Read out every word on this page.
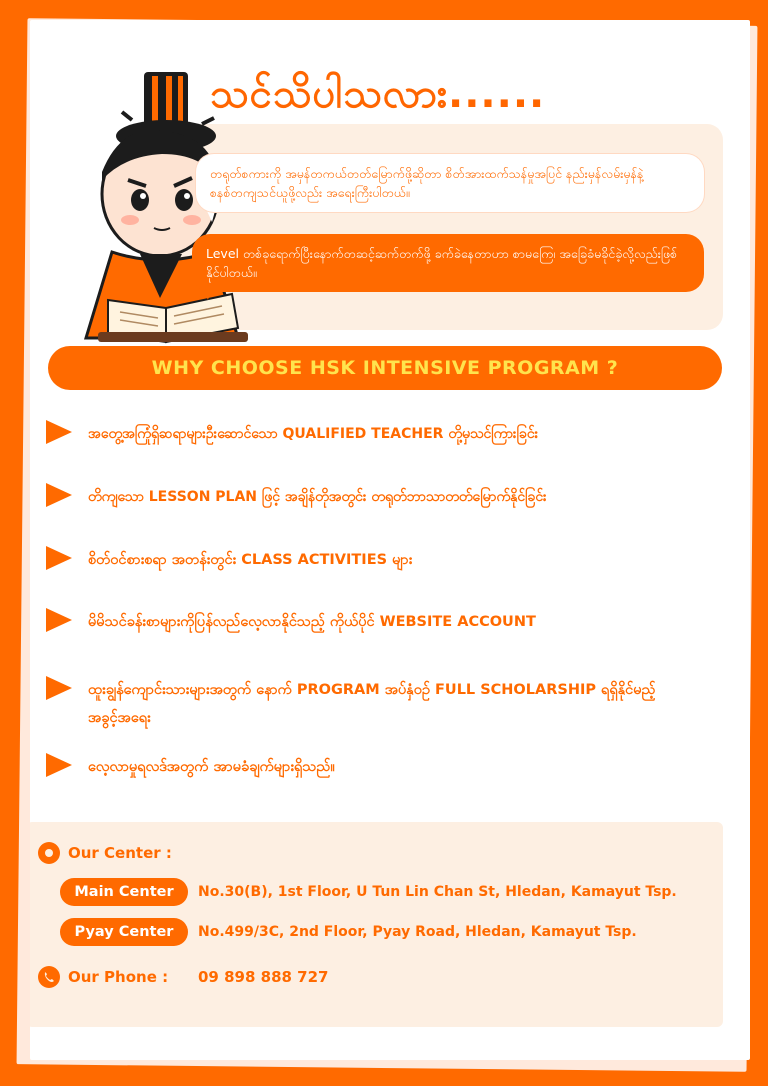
သင်သိပါသလား......
တရုတ်စကားကို အမှန်တကယ်တတ်မြောက်ဖို့ဆိုတာ စိတ်အားထက်သန်မှုအပြင် နည်းမှန်လမ်းမှန်နဲ့ စနစ်တကျသင်ယူဖို့လည်း အရေးကြီးပါတယ်။
Level တစ်ခုရောက်ပြီးနောက်တဆင့်ဆက်တက်ဖို့ ခက်ခဲနေတာဟာ စာမကြေ၊ အခြေခံမခိုင်ခဲ့လို့လည်းဖြစ်နိုင်ပါတယ်။
WHY CHOOSE HSK INTENSIVE PROGRAM ?
အတွေ့အကြုံရှိဆရာများဦးဆောင်သော QUALIFIED TEACHER တို့မှသင်ကြားခြင်း
တိကျသော LESSON PLAN ဖြင့် အချိန်တိုအတွင်း တရုတ်ဘာသာတတ်မြောက်နိုင်ခြင်း
စိတ်ဝင်စားစရာ အတန်းတွင်း CLASS ACTIVITIES များ
မိမိသင်ခန်းစာများကိုပြန်လည်လေ့လာနိုင်သည့် ကိုယ်ပိုင် WEBSITE ACCOUNT
ထူးချွန်ကျောင်းသားများအတွက် နောက် PROGRAM အပ်နှံဝဥ် FULL SCHOLARSHIP ရရှိနိုင်မည့်အခွင့်အရေး
လေ့လာမှုရလဒ်အတွက် အာမခံချက်များရှိသည်။
Our Center :
Main Center	No.30(B), 1st Floor, U Tun Lin Chan St, Hledan, Kamayut Tsp.
Pyay Center	No.499/3C, 2nd Floor, Pyay Road, Hledan, Kamayut Tsp.
Our Phone : 09 898 888 727
